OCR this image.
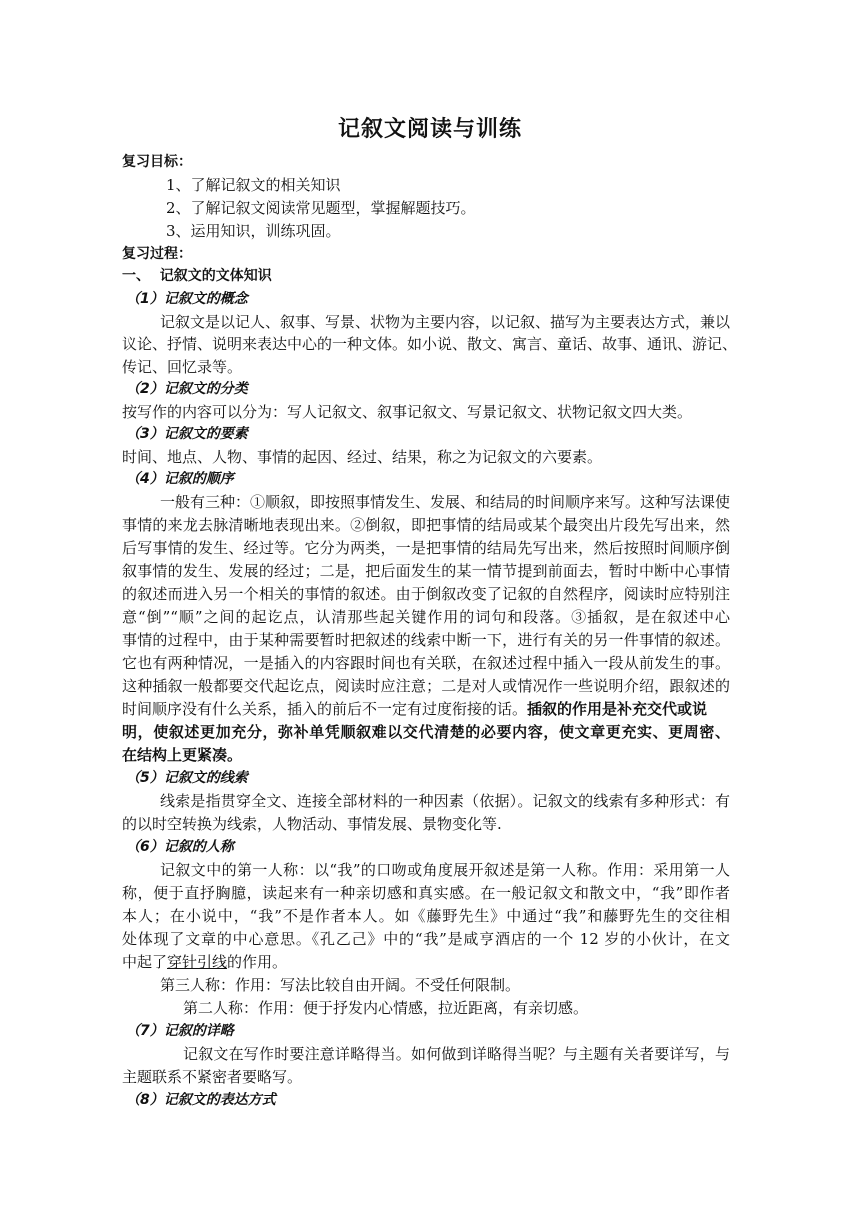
记叙文阅读与训练
复习目标：
1、了解记叙文的相关知识
2、了解记叙文阅读常见题型，掌握解题技巧。
3、运用知识，训练巩固。
复习过程：
一、  记叙文的文体知识
（1）记叙文的概念
记叙文是以记人、叙事、写景、状物为主要内容，以记叙、描写为主要表达方式，兼以
议论、抒情、说明来表达中心的一种文体。如小说、散文、寓言、童话、故事、通讯、游记、
传记、回忆录等。
（2）记叙文的分类
按写作的内容可以分为：写人记叙文、叙事记叙文、写景记叙文、状物记叙文四大类。
（3）记叙文的要素
时间、地点、人物、事情的起因、经过、结果，称之为记叙文的六要素。
（4）记叙的顺序
一般有三种：①顺叙，即按照事情发生、发展、和结局的时间顺序来写。这种写法课使
事情的来龙去脉清晰地表现出来。②倒叙，即把事情的结局或某个最突出片段先写出来，然
后写事情的发生、经过等。它分为两类，一是把事情的结局先写出来，然后按照时间顺序倒
叙事情的发生、发展的经过；二是，把后面发生的某一情节提到前面去，暂时中断中心事情
的叙述而进入另一个相关的事情的叙述。由于倒叙改变了记叙的自然程序，阅读时应特别注
意“倒”“顺”之间的起讫点，认清那些起关键作用的词句和段落。③插叙，是在叙述中心
事情的过程中，由于某种需要暂时把叙述的线索中断一下，进行有关的另一件事情的叙述。
它也有两种情况，一是插入的内容跟时间也有关联，在叙述过程中插入一段从前发生的事。
这种插叙一般都要交代起讫点，阅读时应注意；二是对人或情况作一些说明介绍，跟叙述的
时间顺序没有什么关系，插入的前后不一定有过度衔接的话。插叙的作用是补充交代或说
明，使叙述更加充分，弥补单凭顺叙难以交代清楚的必要内容，使文章更充实、更周密、
在结构上更紧凑。
（5）记叙文的线索
线索是指贯穿全文、连接全部材料的一种因素（依据）。记叙文的线索有多种形式：有
的以时空转换为线索，人物活动、事情发展、景物变化等.
（6）记叙的人称
记叙文中的第一人称：以“我”的口吻或角度展开叙述是第一人称。作用：采用第一人
称，便于直抒胸臆，读起来有一种亲切感和真实感。在一般记叙文和散文中，“我”即作者
本人；在小说中，“我”不是作者本人。如《藤野先生》中通过“我”和藤野先生的交往相
处体现了文章的中心意思。《孔乙己》中的“我”是咸亨酒店的一个 12 岁的小伙计，在文
中起了穿针引线的作用。
第三人称：作用：写法比较自由开阔。不受任何限制。
第二人称：作用：便于抒发内心情感，拉近距离，有亲切感。
（7）记叙的详略
记叙文在写作时要注意详略得当。如何做到详略得当呢？与主题有关者要详写，与
主题联系不紧密者要略写。
（8）记叙文的表达方式
